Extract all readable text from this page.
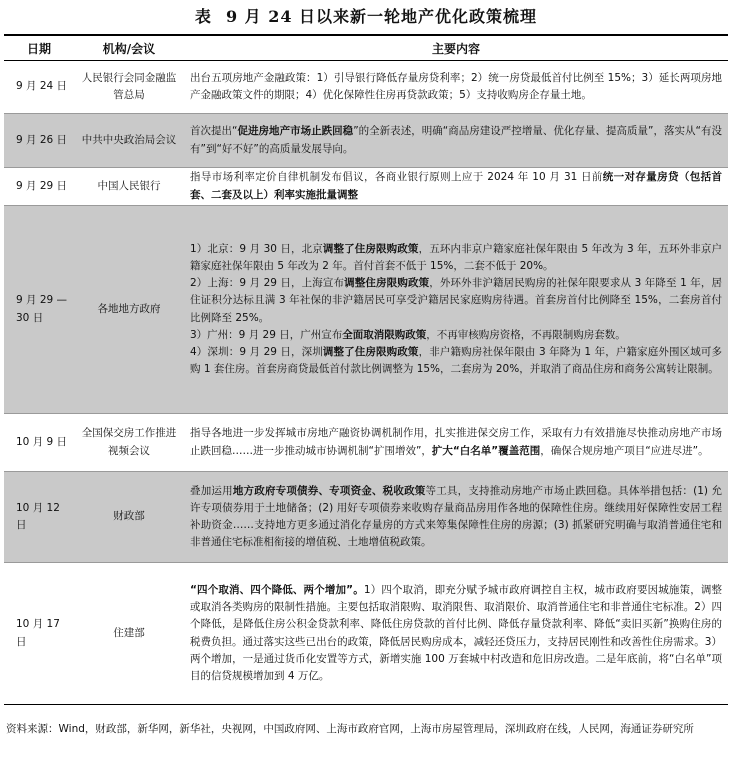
表 9 月 24 日以来新一轮地产优化政策梳理
日期	机构/会议	主要内容
9 月 24 日	人民银行会同金融监管总局	出台五项房地产金融政策：1）引导银行降低存量房贷利率；2）统一房贷最低首付比例至 15%；3）延长两项房地产金融政策文件的期限；4）优化保障性住房再贷款政策；5）支持收购房企存量土地。

9 月 26 日	中共中央政治局会议	首次提出“促进房地产市场止跌回稳”的全新表述，明确“商品房建设严控增量、优化存量、提高质量”，落实从“有没有”到“好不好”的高质量发展导向。

9 月 29 日	中国人民银行	指导市场利率定价自律机制发布倡议，各商业银行原则上应于 2024 年 10 月 31 日前统一对存量房贷（包括首套、二套及以上）利率实施批量调整

9 月 29 — 30 日	各地地方政府	1）北京：9 月 30 日，北京调整了住房限购政策，五环内非京户籍家庭社保年限由 5 年改为 3 年，五环外非京户籍家庭社保年限由 5 年改为 2 年。首付首套不低于 15%，二套不低于 20%。
2）上海：9 月 29 日，上海宣布调整住房限购政策，外环外非沪籍居民购房的社保年限要求从 3 年降至 1 年，居住证积分达标且满 3 年社保的非沪籍居民可享受沪籍居民家庭购房待遇。首套房首付比例降至 15%，二套房首付比例降至 25%。
3）广州：9 月 29 日，广州宣布全面取消限购政策，不再审核购房资格，不再限制购房套数。
4）深圳：9 月 29 日，深圳调整了住房限购政策，非户籍购房社保年限由 3 年降为 1 年，户籍家庭外围区域可多购 1 套住房。首套房商贷最低首付款比例调整为 15%，二套房为 20%，并取消了商品住房和商务公寓转让限制。

10 月 9 日	全国保交房工作推进视频会议	指导各地进一步发挥城市房地产融资协调机制作用，扎实推进保交房工作，采取有力有效措施尽快推动房地产市场止跌回稳……进一步推动城市协调机制“扩围增效”，扩大“白名单”覆盖范围，确保合规房地产项目“应进尽进”。

10 月 12 日	财政部	叠加运用地方政府专项债券、专项资金、税收政策等工具，支持推动房地产市场止跌回稳。具体举措包括：(1) 允许专项债券用于土地储备；(2) 用好专项债券来收购存量商品房用作各地的保障性住房。继续用好保障性安居工程补助资金……支持地方更多通过消化存量房的方式来筹集保障性住房的房源；(3) 抓紧研究明确与取消普通住宅和非普通住宅标准相衔接的增值税、土地增值税政策。

10 月 17 日	住建部	“四个取消、四个降低、两个增加”。1）四个取消，即充分赋予城市政府调控自主权，城市政府要因城施策，调整或取消各类购房的限制性措施。主要包括取消限购、取消限售、取消限价、取消普通住宅和非普通住宅标准。2）四个降低，是降低住房公积金贷款利率、降低住房贷款的首付比例、降低存量贷款利率、降低“卖旧买新”换购住房的税费负担。通过落实这些已出台的政策，降低居民购房成本，减轻还贷压力，支持居民刚性和改善性住房需求。3）两个增加，一是通过货币化安置等方式，新增实施 100 万套城中村改造和危旧房改造。二是年底前，将“白名单”项目的信贷规模增加到 4 万亿。
资料来源：Wind，财政部，新华网，新华社，央视网，中国政府网、上海市政府官网，上海市房屋管理局，深圳政府在线，人民网，海通证券研究所
